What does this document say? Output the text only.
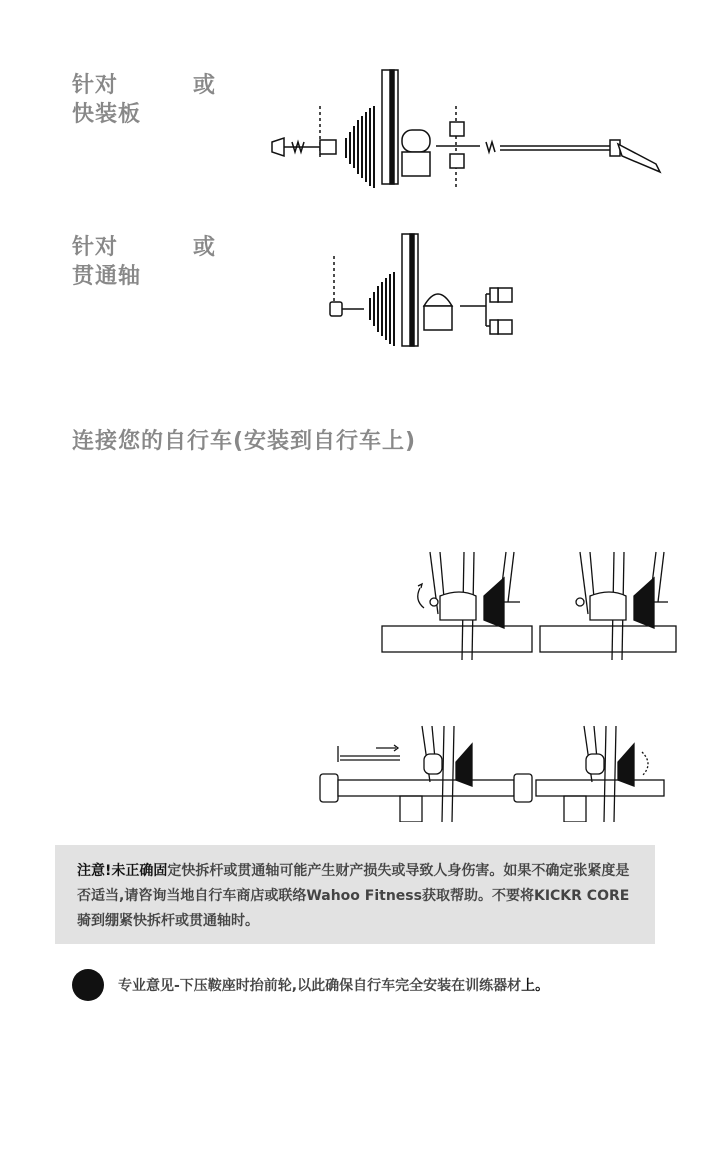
针对
快装板
或
针对
贯通轴
或
连接您的自行车(安装到自行车上)
注意!未正确固定快拆杆或贯通轴可能产生财产损失或导致人身伤害。如果不确定张紧度是否适当,请咨询当地自行车商店或联络Wahoo Fitness获取帮助。不要将KICKR CORE骑到绷紧快拆杆或贯通轴时。
专业意见-下压鞍座时抬前轮,以此确保自行车完全安装在训练器材上。
